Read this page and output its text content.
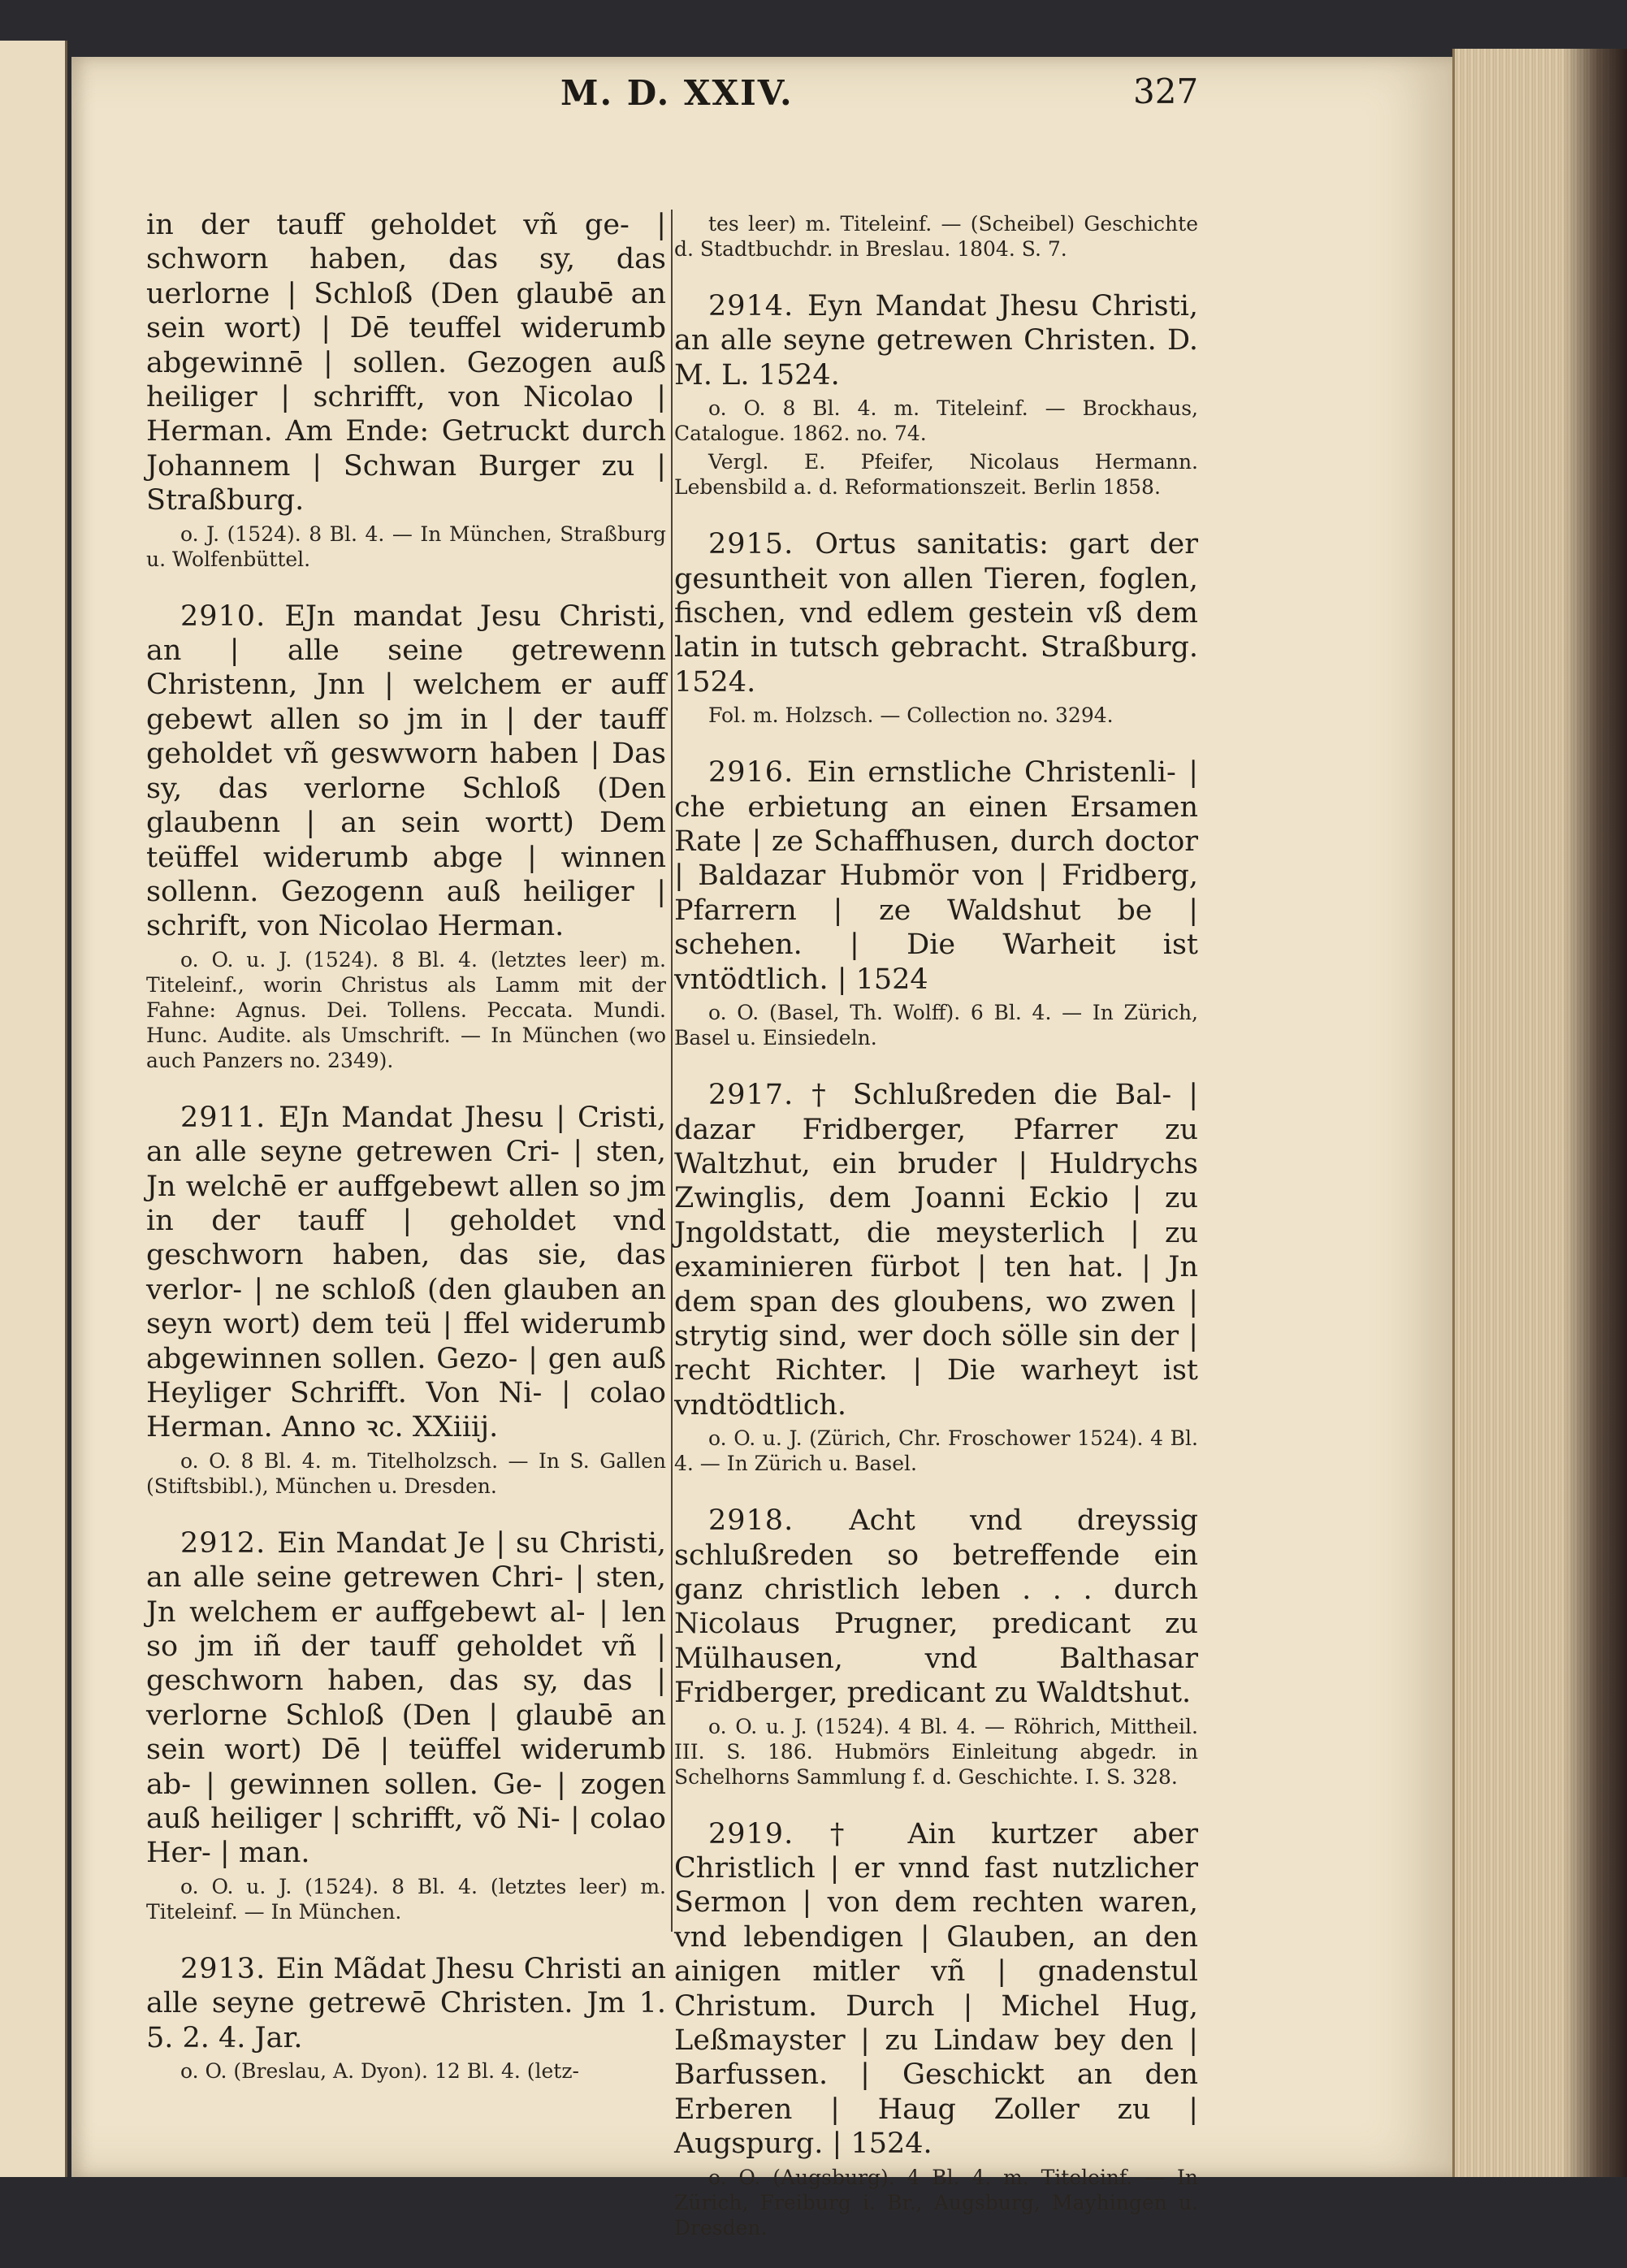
M. D. XXIV.	327

in der tauff geholdet vñ ge- | schworn haben, das sy, das uerlorne | Schloß (Den glaubē an sein wort) | Dē teuffel widerumb abgewinnē | sollen. Gezogen auß heiliger | schrifft, von Nicolao | Herman. Am Ende: Getruckt durch Johannem | Schwan Burger zu | Straßburg.

o. J. (1524). 8 Bl. 4. — In München, Straßburg u. Wolfenbüttel.

2910. EJn mandat Jesu Christi, an | alle seine getrewenn Christenn, Jnn | welchem er auff gebewt allen so jm in | der tauff geholdet vñ geswworn haben | Das sy, das verlorne Schloß (Den glaubenn | an sein wortt) Dem teüffel widerumb abge | winnen sollenn. Gezogenn auß heiliger | schrift, von Nicolao Herman.

o. O. u. J. (1524). 8 Bl. 4. (letztes leer) m. Titeleinf., worin Christus als Lamm mit der Fahne: Agnus. Dei. Tollens. Peccata. Mundi. Hunc. Audite. als Umschrift. — In München (wo auch Panzers no. 2349).

2911. EJn Mandat Jhesu | Cristi, an alle seyne getrewen Cri- | sten, Jn welchē er auffgebewt allen so jm in der tauff | geholdet vnd geschworn haben, das sie, das verlor- | ne schloß (den glauben an seyn wort) dem teü | ffel widerumb abgewinnen sollen. Gezo- | gen auß Heyliger Schrifft. Von Ni- | colao Herman. Anno ꝛc. XXiiij.

o. O. 8 Bl. 4. m. Titelholzsch. — In S. Gallen (Stiftsbibl.), München u. Dresden.

2912. Ein Mandat Je | su Christi, an alle seine getrewen Chri- | sten, Jn welchem er auffgebewt al- | len so jm iñ der tauff geholdet vñ | geschworn haben, das sy, das | verlorne Schloß (Den | glaubē an sein wort) Dē | teüffel widerumb ab- | gewinnen sollen. Ge- | zogen auß heiliger | schrifft, võ Ni- | colao Her- | man.

o. O. u. J. (1524). 8 Bl. 4. (letztes leer) m. Titeleinf. — In München.

2913. Ein Mãdat Jhesu Christi an alle seyne getrewē Christen. Jm 1. 5. 2. 4. Jar.

o. O. (Breslau, A. Dyon). 12 Bl. 4. (letz-

tes leer) m. Titeleinf. — (Scheibel) Geschichte d. Stadtbuchdr. in Breslau. 1804. S. 7.

2914. Eyn Mandat Jhesu Christi, an alle seyne getrewen Christen. D. M. L. 1524.

o. O. 8 Bl. 4. m. Titeleinf. — Brockhaus, Catalogue. 1862. no. 74.

Vergl. E. Pfeifer, Nicolaus Hermann. Lebensbild a. d. Reformationszeit. Berlin 1858.

2915. Ortus sanitatis: gart der gesuntheit von allen Tieren, foglen, fischen, vnd edlem gestein vß dem latin in tutsch gebracht. Straßburg. 1524.

Fol. m. Holzsch. — Collection no. 3294.

2916. Ein ernstliche Christenli- | che erbietung an einen Ersamen Rate | ze Schaffhusen, durch doctor | Baldazar Hubmör von | Fridberg, Pfarrern | ze Waldshut be | schehen. | Die Warheit ist vntödtlich. | 1524

o. O. (Basel, Th. Wolff). 6 Bl. 4. — In Zürich, Basel u. Einsiedeln.

2917. † Schlußreden die Bal- | dazar Fridberger, Pfarrer zu Waltzhut, ein bruder | Huldrychs Zwinglis, dem Joanni Eckio | zu Jngoldstatt, die meysterlich | zu examinieren fürbot | ten hat. | Jn dem span des gloubens, wo zwen | strytig sind, wer doch sölle sin der | recht Richter. | Die warheyt ist vndtödtlich.

o. O. u. J. (Zürich, Chr. Froschower 1524). 4 Bl. 4. — In Zürich u. Basel.

2918. Acht vnd dreyssig schlußreden so betreffende ein ganz christlich leben . . . durch Nicolaus Prugner, predicant zu Mülhausen, vnd Balthasar Fridberger, predicant zu Waldtshut.

o. O. u. J. (1524). 4 Bl. 4. — Röhrich, Mittheil. III. S. 186. Hubmörs Einleitung abgedr. in Schelhorns Sammlung f. d. Geschichte. I. S. 328.

2919. † Ain kurtzer aber Christlich | er vnnd fast nutzlicher Sermon | von dem rechten waren, vnd lebendigen | Glauben, an den ainigen mitler vñ | gnadenstul Christum. Durch | Michel Hug, Leßmayster | zu Lindaw bey den | Barfussen. | Geschickt an den Erberen | Haug Zoller zu | Augspurg. | 1524.

o. O. (Augsburg). 4 Bl. 4. m. Titeleinf. — In Zürich, Freiburg i. Br., Augsburg, Mayhingen u. Dresden.
